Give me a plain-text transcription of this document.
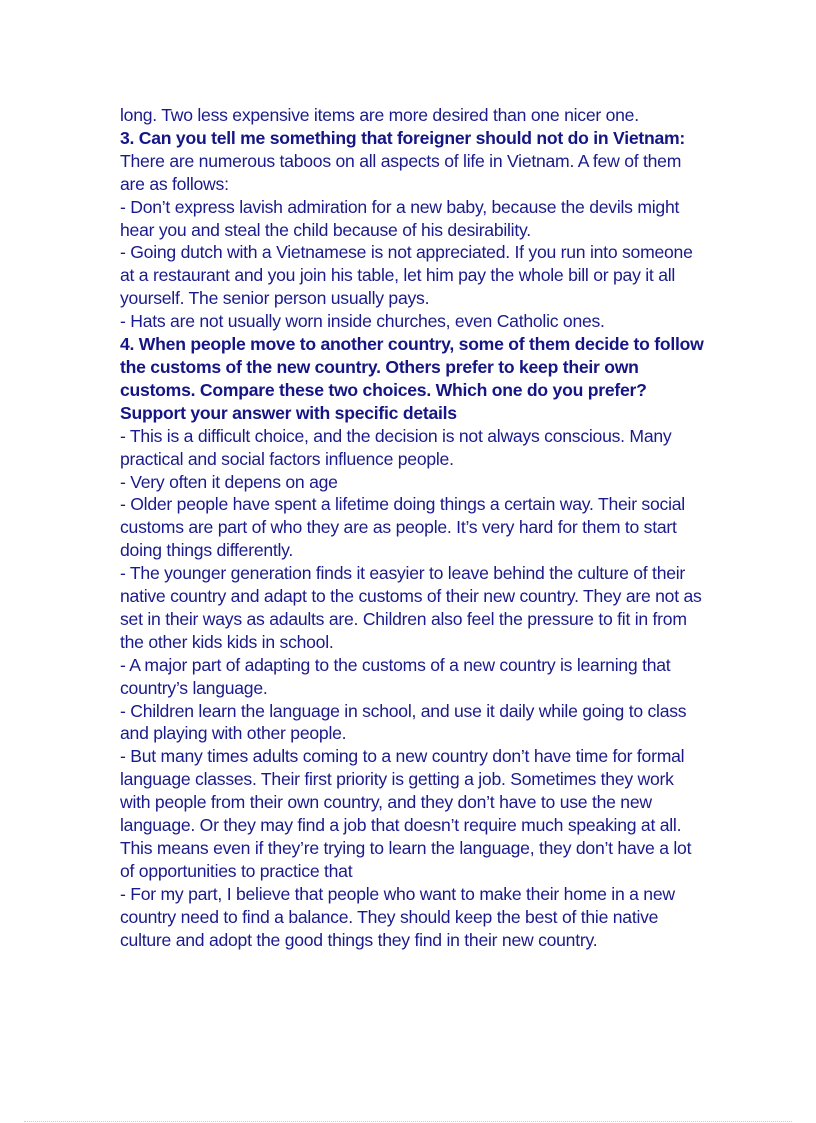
long. Two less expensive items are more desired than one nicer one.

3. Can you tell me something that foreigner should not do in Vietnam:

There are numerous taboos on all aspects of life in Vietnam. A few of them are as follows:

- Don’t express lavish admiration for a new baby, because the devils might hear you and steal the child because of his desirability.

- Going dutch with a Vietnamese is not appreciated. If you run into someone at a restaurant and you join his table, let him pay the whole bill or pay it all yourself. The senior person usually pays.

- Hats are not usually worn inside churches, even Catholic ones.

4. When people move to another country, some of them decide to follow the customs of the new country. Others prefer to keep their own customs. Compare these two choices. Which one do you prefer? Support your answer with specific details

- This is a difficult choice, and the decision is not always conscious. Many practical and social factors influence people.

- Very often it depens on age

- Older people have spent a lifetime doing things a certain way. Their social customs are part of who they are as people. It’s very hard for them to start doing things differently.

- The younger generation finds it easyier to leave behind the culture of their native country and adapt to the customs of their new country. They are not as set in their ways as adaults are. Children also feel the pressure to fit in from the other kids kids in school.

- A major part of adapting to the customs of a new country is learning that country’s language.

- Children learn the language in school, and use it daily while going to class and playing with other people.

- But many times adults coming to a new country don’t have time for formal language classes. Their first priority is getting a job. Sometimes they work with people from their own country, and they don’t have to use the new language. Or they may find a job that doesn’t require much speaking at all. This means even if they’re trying to learn the language, they don’t have a lot of opportunities to practice that

- For my part, I believe that people who want to make their home in a new country need to find a balance. They should keep the best of thie native culture and adopt the good things they find in their new country.
